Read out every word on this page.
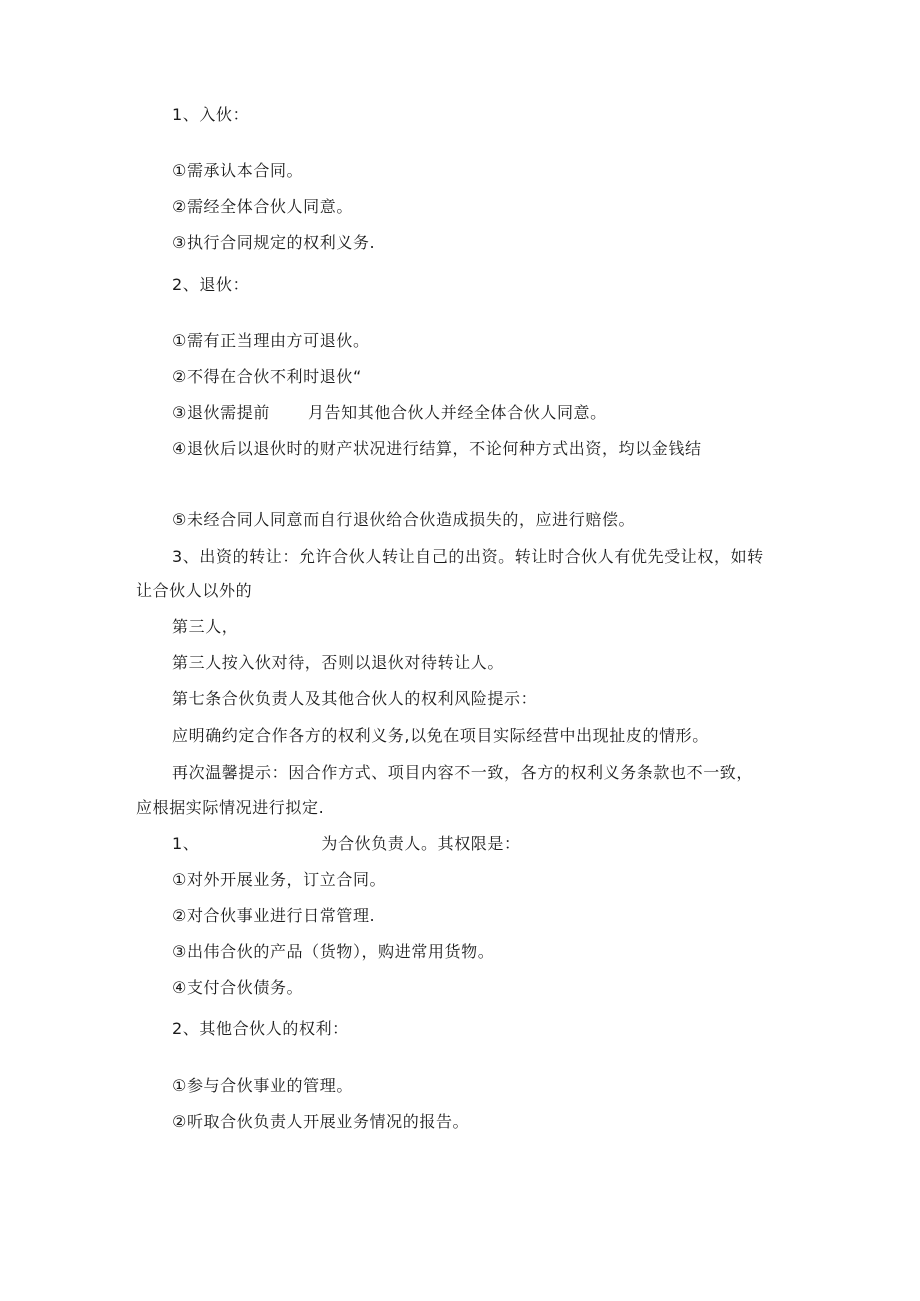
1、入伙：
①需承认本合同。
②需经全体合伙人同意。
③执行合同规定的权利义务.
2、退伙：
①需有正当理由方可退伙。
②不得在合伙不利时退伙“
③退伙需提前 月告知其他合伙人并经全体合伙人同意。
④退伙后以退伙时的财产状况进行结算，不论何种方式出资，均以金钱结
⑤未经合同人同意而自行退伙给合伙造成损失的，应进行赔偿。
3、出资的转让：允许合伙人转让自己的出资。转让时合伙人有优先受让权，如转
让合伙人以外的
第三人，
第三人按入伙对待，否则以退伙对待转让人。
第七条合伙负责人及其他合伙人的权利风险提示：
应明确约定合作各方的权利义务,以免在项目实际经营中出现扯皮的情形。
再次温馨提示：因合作方式、项目内容不一致，各方的权利义务条款也不一致，
应根据实际情况进行拟定.
1、	为合伙负责人。其权限是：
①对外开展业务，订立合同。
②对合伙事业进行日常管理.
③出伟合伙的产品（货物），购进常用货物。
④支付合伙债务。
2、其他合伙人的权利：
①参与合伙事业的管理。
②听取合伙负责人开展业务情况的报告。
